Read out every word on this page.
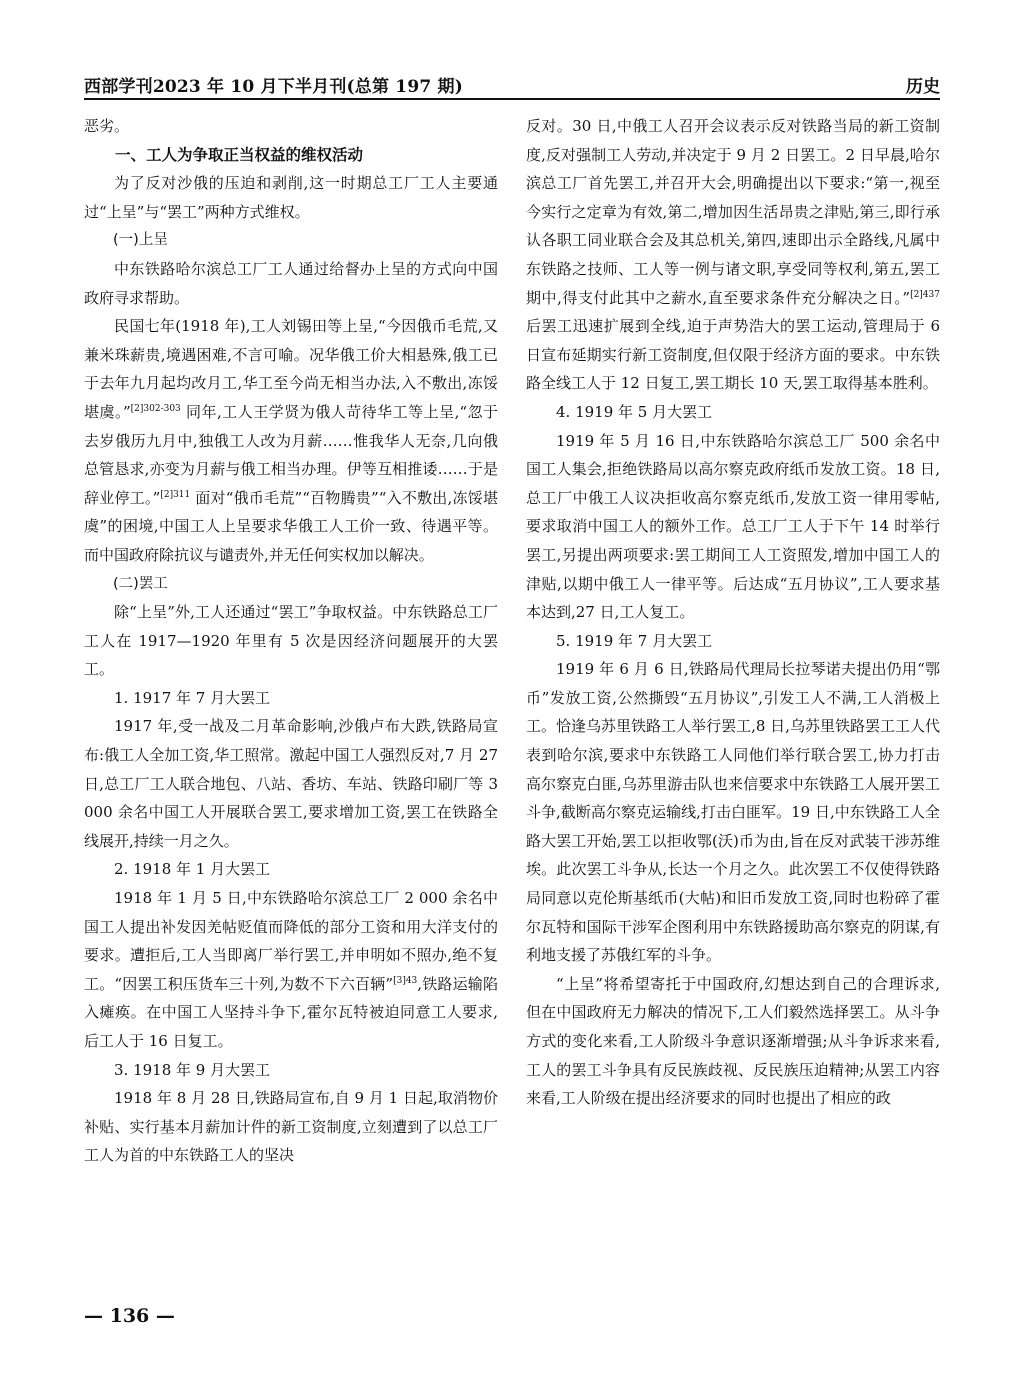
西部学刊2023 年 10 月下半月刊(总第 197 期)	历史

恶劣。

一、工人为争取正当权益的维权活动

为了反对沙俄的压迫和剥削,这一时期总工厂工人主要通过“上呈”与“罢工”两种方式维权。

(一)上呈

中东铁路哈尔滨总工厂工人通过给督办上呈的方式向中国政府寻求帮助。

民国七年(1918 年),工人刘锡田等上呈,“今因俄币毛荒,又兼米珠薪贵,境遇困难,不言可喻。况华俄工价大相悬殊,俄工已于去年九月起均改月工,华工至今尚无相当办法,入不敷出,冻馁堪虞。”$^{[2]302-303}$ 同年,工人王学贤为俄人苛待华工等上呈,“忽于去岁俄历九月中,独俄工人改为月薪……惟我华人无奈,几向俄总管恳求,亦变为月薪与俄工相当办理。伊等互相推诿……于是辞业停工。”$^{[2]311}$ 面对“俄币毛荒”“百物腾贵”“入不敷出,冻馁堪虞”的困境,中国工人上呈要求华俄工人工价一致、待遇平等。而中国政府除抗议与谴责外,并无任何实权加以解决。

(二)罢工

除“上呈”外,工人还通过“罢工”争取权益。中东铁路总工厂工人在 1917—1920 年里有 5 次是因经济问题展开的大罢工。

1. 1917 年 7 月大罢工

1917 年,受一战及二月革命影响,沙俄卢布大跌,铁路局宣布:俄工人全加工资,华工照常。激起中国工人强烈反对,7 月 27 日,总工厂工人联合地包、八站、香坊、车站、铁路印刷厂等 3 000 余名中国工人开展联合罢工,要求增加工资,罢工在铁路全线展开,持续一月之久。

2. 1918 年 1 月大罢工

1918 年 1 月 5 日,中东铁路哈尔滨总工厂 2 000 余名中国工人提出补发因羌帖贬值而降低的部分工资和用大洋支付的要求。遭拒后,工人当即离厂举行罢工,并申明如不照办,绝不复工。“因罢工积压货车三十列,为数不下六百辆”$^{[3]43}$,铁路运输陷入瘫痪。在中国工人坚持斗争下,霍尔瓦特被迫同意工人要求,后工人于 16 日复工。

3. 1918 年 9 月大罢工

1918 年 8 月 28 日,铁路局宣布,自 9 月 1 日起,取消物价补贴、实行基本月薪加计件的新工资制度,立刻遭到了以总工厂工人为首的中东铁路工人的坚决

反对。30 日,中俄工人召开会议表示反对铁路当局的新工资制度,反对强制工人劳动,并决定于 9 月 2 日罢工。2 日早晨,哈尔滨总工厂首先罢工,并召开大会,明确提出以下要求:“第一,视至今实行之定章为有效,第二,增加因生活昂贵之津贴,第三,即行承认各职工同业联合会及其总机关,第四,速即出示全路线,凡属中东铁路之技师、工人等一例与诸文职,享受同等权利,第五,罢工期中,得支付此其中之薪水,直至要求条件充分解决之日。”$^{[2]437}$ 后罢工迅速扩展到全线,迫于声势浩大的罢工运动,管理局于 6 日宣布延期实行新工资制度,但仅限于经济方面的要求。中东铁路全线工人于 12 日复工,罢工期长 10 天,罢工取得基本胜利。

4. 1919 年 5 月大罢工

1919 年 5 月 16 日,中东铁路哈尔滨总工厂 500 余名中国工人集会,拒绝铁路局以高尔察克政府纸币发放工资。18 日,总工厂中俄工人议决拒收高尔察克纸币,发放工资一律用零帖,要求取消中国工人的额外工作。总工厂工人于下午 14 时举行罢工,另提出两项要求:罢工期间工人工资照发,增加中国工人的津贴,以期中俄工人一律平等。后达成“五月协议”,工人要求基本达到,27 日,工人复工。

5. 1919 年 7 月大罢工

1919 年 6 月 6 日,铁路局代理局长拉琴诺夫提出仍用“鄂币”发放工资,公然撕毁“五月协议”,引发工人不满,工人消极上工。恰逢乌苏里铁路工人举行罢工,8 日,乌苏里铁路罢工工人代表到哈尔滨,要求中东铁路工人同他们举行联合罢工,协力打击高尔察克白匪,乌苏里游击队也来信要求中东铁路工人展开罢工斗争,截断高尔察克运输线,打击白匪军。19 日,中东铁路工人全路大罢工开始,罢工以拒收鄂(沃)币为由,旨在反对武装干涉苏维埃。此次罢工斗争从,长达一个月之久。此次罢工不仅使得铁路局同意以克伦斯基纸币(大帖)和旧币发放工资,同时也粉碎了霍尔瓦特和国际干涉军企图利用中东铁路援助高尔察克的阴谋,有利地支援了苏俄红军的斗争。

“上呈”将希望寄托于中国政府,幻想达到自己的合理诉求,但在中国政府无力解决的情况下,工人们毅然选择罢工。从斗争方式的变化来看,工人阶级斗争意识逐渐增强;从斗争诉求来看,工人的罢工斗争具有反民族歧视、反民族压迫精神;从罢工内容来看,工人阶级在提出经济要求的同时也提出了相应的政

— 136 —
